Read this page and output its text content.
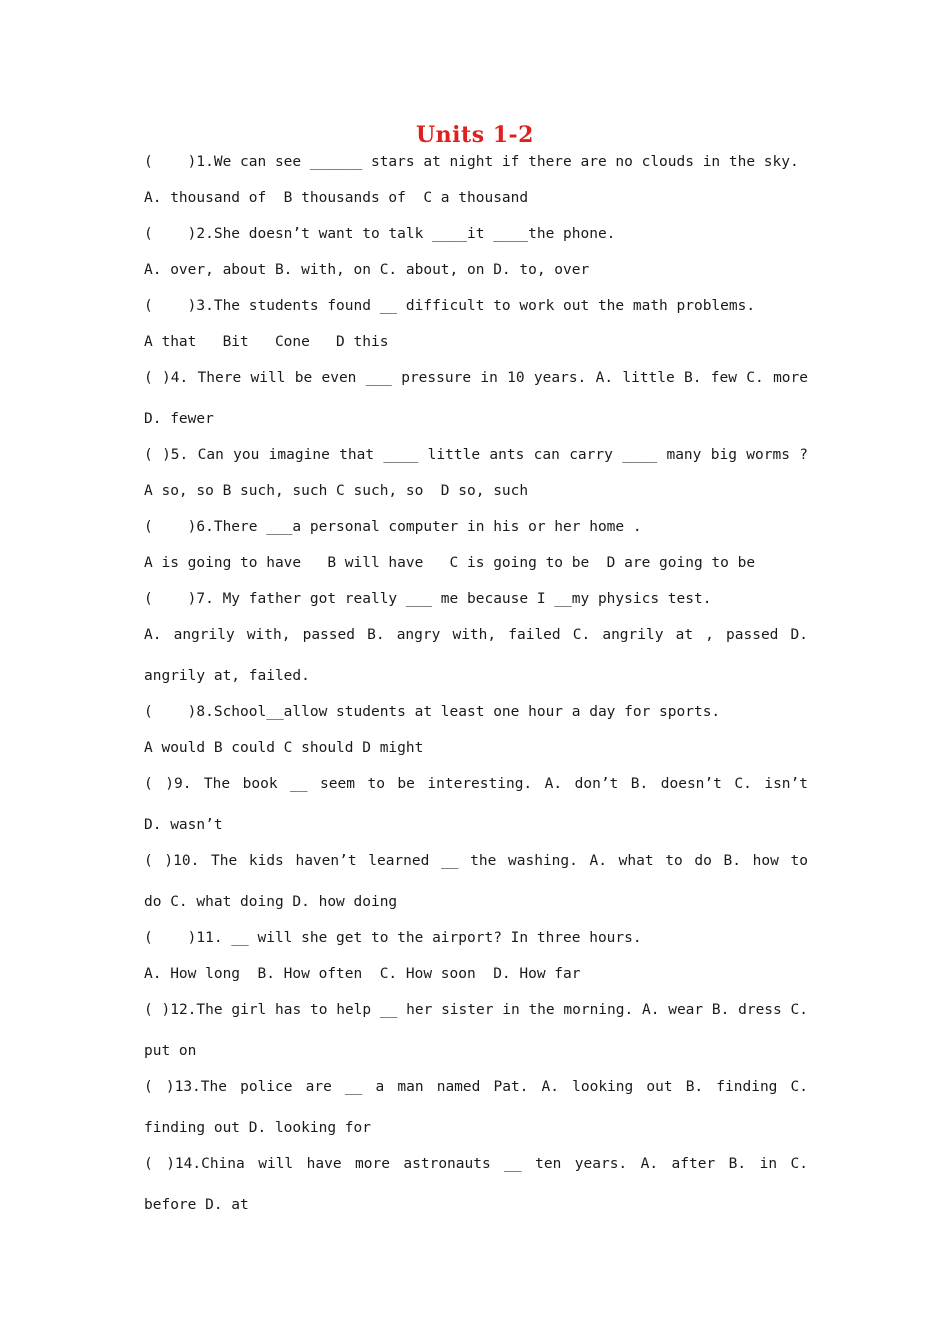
Units 1-2
(    )1.We can see ______ stars at night if there are no clouds in the sky.
A. thousand of  B thousands of  C a thousand
(    )2.She doesn’t want to talk ____it ____the phone.
A. over, about B. with, on C. about, on D. to, over
(    )3.The students found __ difficult to work out the math problems.
A that   Bit   Cone   D this
( )4. There will be even ___ pressure in 10 years. A. little B. few C. more
D. fewer
( )5. Can you imagine that ____ little ants can carry ____ many big worms ?
A so, so B such, such C such, so  D so, such
(    )6.There ___a personal computer in his or her home .
A is going to have   B will have   C is going to be  D are going to be
(    )7. My father got really ___ me because I __my physics test.
A. angrily with, passed B. angry with, failed C. angrily at , passed D.
angrily at, failed.
(    )8.School__allow students at least one hour a day for sports.
A would B could C should D might
( )9. The book __ seem to be interesting. A. don’t B. doesn’t C. isn’t
D. wasn’t
( )10. The kids haven’t learned __ the washing. A. what to do B. how to
do C. what doing D. how doing
(    )11. __ will she get to the airport? In three hours.
A. How long  B. How often  C. How soon  D. How far
( )12.The girl has to help __ her sister in the morning. A. wear B. dress C.
put on
( )13.The police are __ a man named Pat. A. looking out B. finding C.
finding out D. looking for
( )14.China will have more astronauts __ ten years. A. after B. in C.
before D. at
